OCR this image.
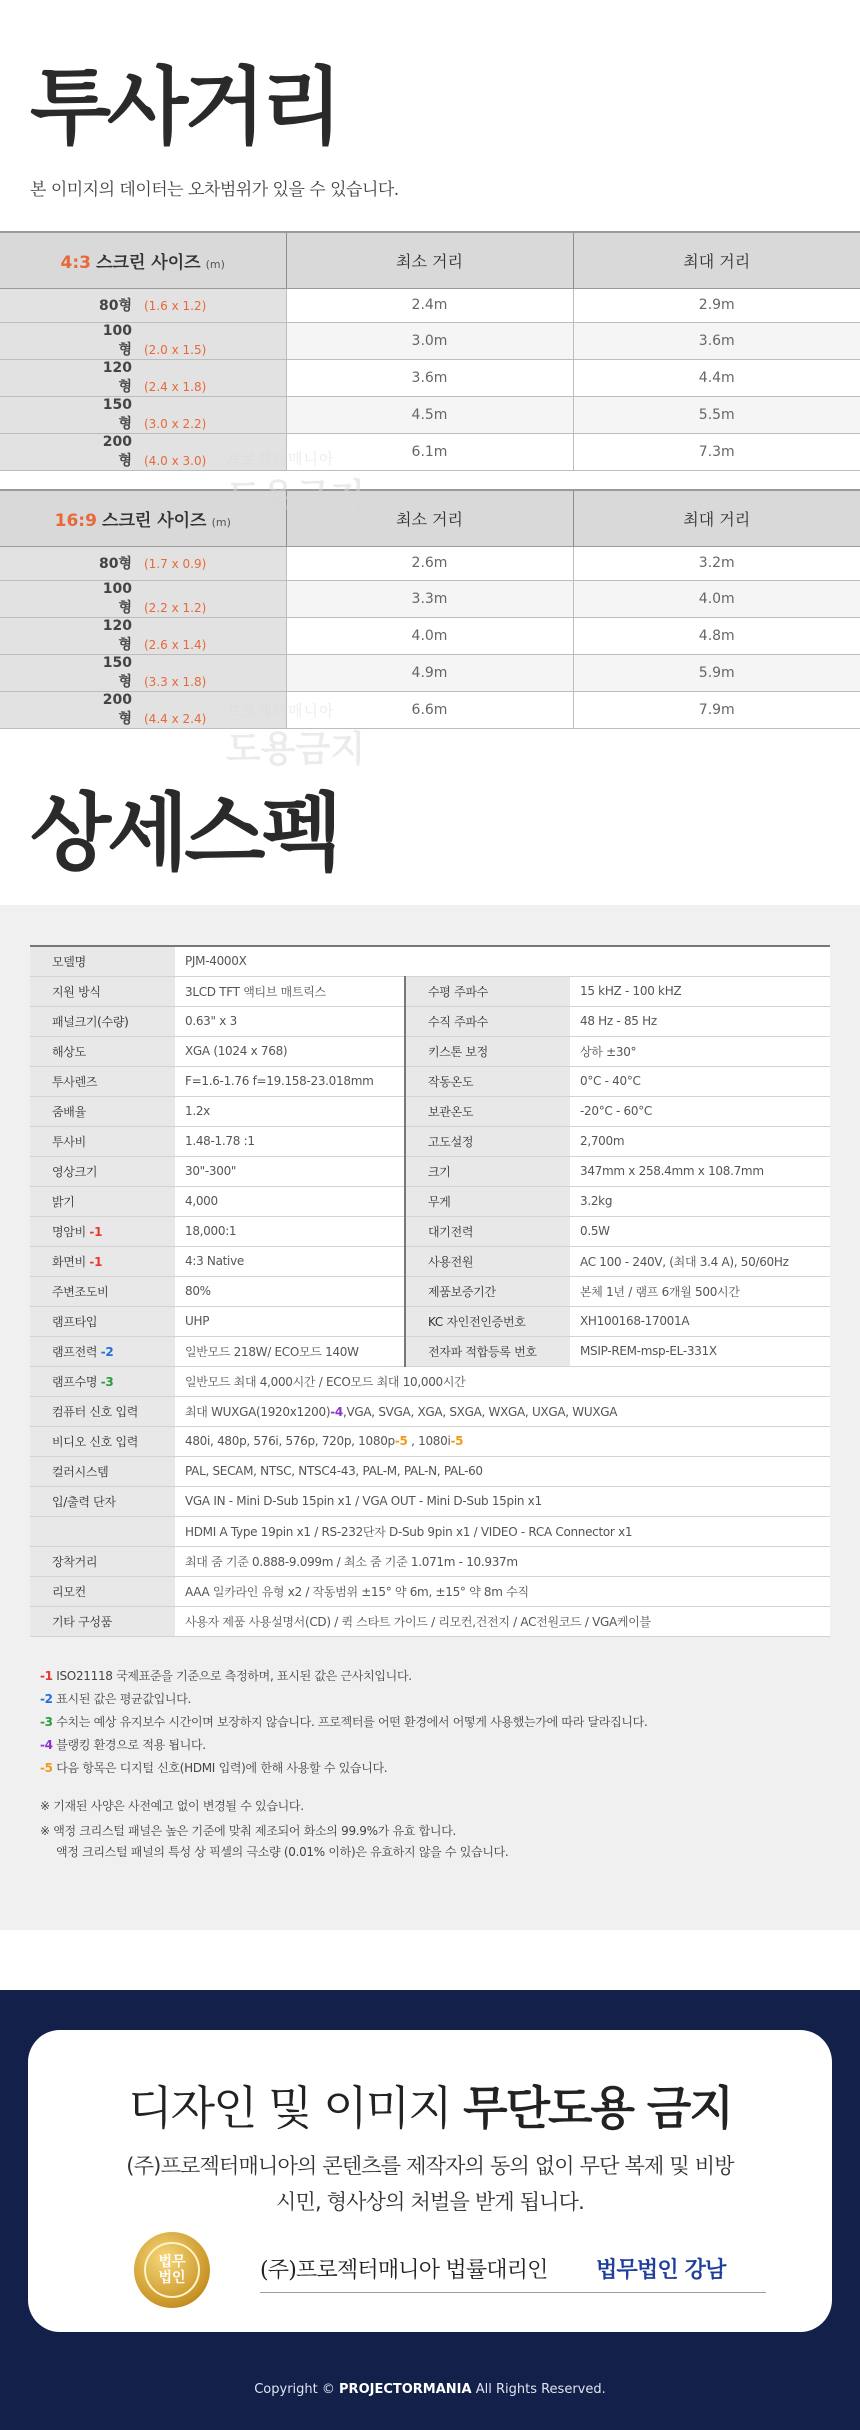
투사거리
본 이미지의 데이터는 오차범위가 있을 수 있습니다.
4:3 스크린 사이즈 (m)	최소 거리	최대 거리
80형 (1.6 x 1.2)	2.4m	2.9m
100형 (2.0 x 1.5)	3.0m	3.6m
120형 (2.4 x 1.8)	3.6m	4.4m
150형 (3.0 x 2.2)	4.5m	5.5m
200형 (4.0 x 3.0)	6.1m	7.3m
16:9 스크린 사이즈 (m)	최소 거리	최대 거리
80형 (1.7 x 0.9)	2.6m	3.2m
100형 (2.2 x 1.2)	3.3m	4.0m
120형 (2.6 x 1.4)	4.0m	4.8m
150형 (3.3 x 1.8)	4.9m	5.9m
200형 (4.4 x 2.4)	6.6m	7.9m
프로젝터매니아
도용금지
프로젝터매니아
도용금지
상세스펙
모델명	PJM-4000X		
지원 방식	3LCD TFT 액티브 매트릭스	수평 주파수	15 kHZ - 100 kHZ
패널크기(수량)	0.63" x 3	수직 주파수	48 Hz - 85 Hz
해상도	XGA (1024 x 768)	키스톤 보정	상하 ±30°
투사렌즈	F=1.6-1.76 f=19.158-23.018mm	작동온도	0°C - 40°C
줌배율	1.2x	보관온도	-20°C - 60°C
투사비	1.48-1.78 :1	고도설정	2,700m
영상크기	30"-300"	크기	347mm x 258.4mm x 108.7mm
밝기	4,000	무게	3.2kg
명암비 -1	18,000:1	대기전력	0.5W
화면비 -1	4:3 Native	사용전원	AC 100 - 240V, (최대 3.4 A), 50/60Hz
주변조도비	80%	제품보증기간	본체 1년 / 램프 6개월 500시간
램프타입	UHP	KC 자인전인증번호	XH100168-17001A
램프전력 -2	일반모드 218W/ ECO모드 140W	전자파 적합등록 번호	MSIP-REM-msp-EL-331X
램프수명 -3	일반모드 최대 4,000시간 / ECO모드 최대 10,000시간		
컴퓨터 신호 입력	최대 WUXGA(1920x1200)-4,VGA, SVGA, XGA, SXGA, WXGA, UXGA, WUXGA		
비디오 신호 입력	480i, 480p, 576i, 576p, 720p, 1080p-5 , 1080i-5		
컬러시스템	PAL, SECAM, NTSC, NTSC4-43, PAL-M, PAL-N, PAL-60		
입/출력 단자	VGA IN - Mini D-Sub 15pin x1 / VGA OUT - Mini D-Sub 15pin x1		
	HDMI A Type 19pin x1 / RS-232단자 D-Sub 9pin x1 / VIDEO - RCA Connector x1		
장착거리	최대 줌 기준 0.888-9.099m / 최소 줌 기준 1.071m - 10.937m		
리모컨	AAA 일카라인 유형 x2 / 작동범위 ±15° 약 6m, ±15° 약 8m 수직		
기타 구성품	사용자 제품 사용설명서(CD) / 퀵 스타트 가이드 / 리모컨,건전지 / AC전원코드 / VGA케이블		
-1 ISO21118 국제표준을 기준으로 측정하며, 표시된 값은 근사치입니다.
-2 표시된 값은 평균값입니다.
-3 수치는 예상 유지보수 시간이며 보장하지 않습니다. 프로젝터를 어떤 환경에서 어떻게 사용했는가에 따라 달라집니다.
-4 블랭킹 환경으로 적용 됩니다.
-5 다음 항목은 디지털 신호(HDMI 입력)에 한해 사용할 수 있습니다.

※ 기재된 사양은 사전예고 없이 변경될 수 있습니다.

※ 액정 크리스털 패널은 높은 기준에 맞춰 제조되어 화소의 99.9%가 유효 합니다.

액정 크리스털 패널의 특성 상 픽셀의 극소량 (0.01% 이하)은 유효하지 않을 수 있습니다.

디자인 및 이미지 무단도용 금지
(주)프로젝터매니아의 콘텐츠를 제작자의 동의 없이 무단 복제 및 비방 시민, 형사상의 처벌을 받게 됩니다.
법무
법인	(주)프로젝터매니아 법률대리인 법무법인 강남
Copyright © PROJECTORMANIA All Rights Reserved.
